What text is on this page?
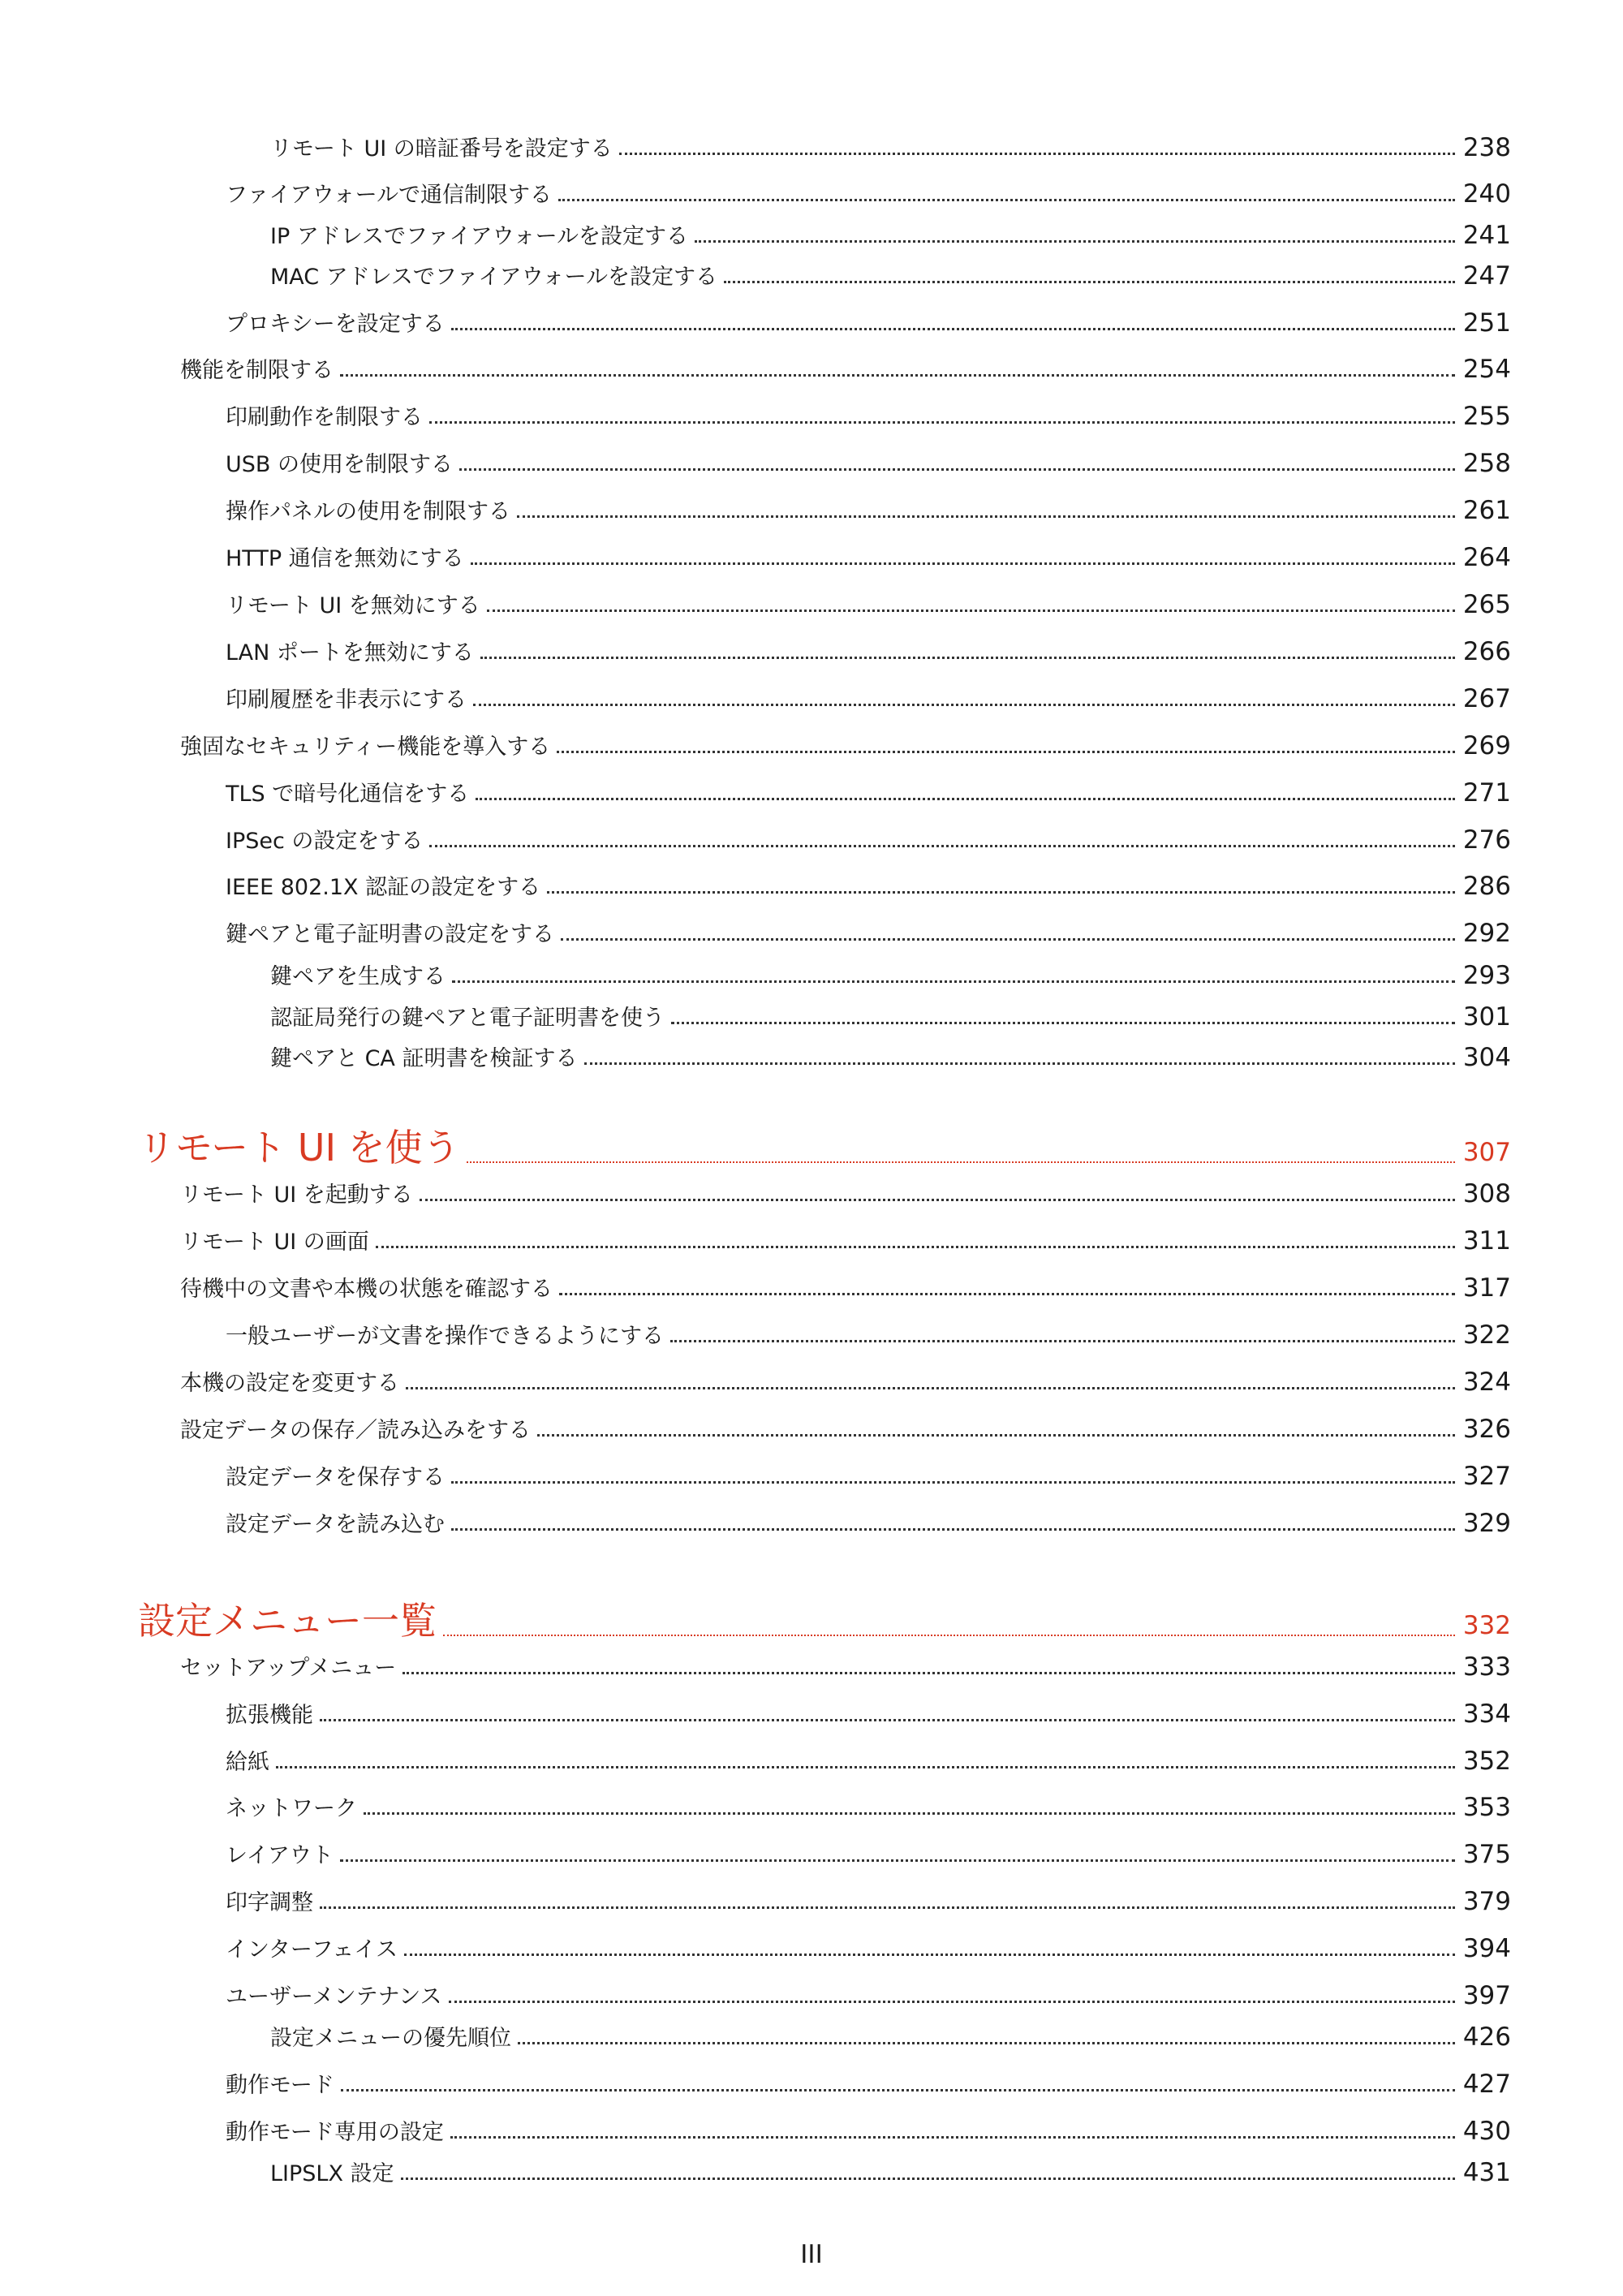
リモート UI の暗証番号を設定する	238
ファイアウォールで通信制限する	240
IP アドレスでファイアウォールを設定する	241
MAC アドレスでファイアウォールを設定する	247
プロキシーを設定する	251
機能を制限する	254
印刷動作を制限する	255
USB の使用を制限する	258
操作パネルの使用を制限する	261
HTTP 通信を無効にする	264
リモート UI を無効にする	265
LAN ポートを無効にする	266
印刷履歴を非表示にする	267
強固なセキュリティー機能を導入する	269
TLS で暗号化通信をする	271
IPSec の設定をする	276
IEEE 802.1X 認証の設定をする	286
鍵ペアと電子証明書の設定をする	292
鍵ペアを生成する	293
認証局発行の鍵ペアと電子証明書を使う	301
鍵ペアと CA 証明書を検証する	304
リモート UI を使う	307
リモート UI を起動する	308
リモート UI の画面	311
待機中の文書や本機の状態を確認する	317
一般ユーザーが文書を操作できるようにする	322
本機の設定を変更する	324
設定データの保存／読み込みをする	326
設定データを保存する	327
設定データを読み込む	329
設定メニュー一覧	332
セットアップメニュー	333
拡張機能	334
給紙	352
ネットワーク	353
レイアウト	375
印字調整	379
インターフェイス	394
ユーザーメンテナンス	397
設定メニューの優先順位	426
動作モード	427
動作モード専用の設定	430
LIPSLX 設定	431
III
